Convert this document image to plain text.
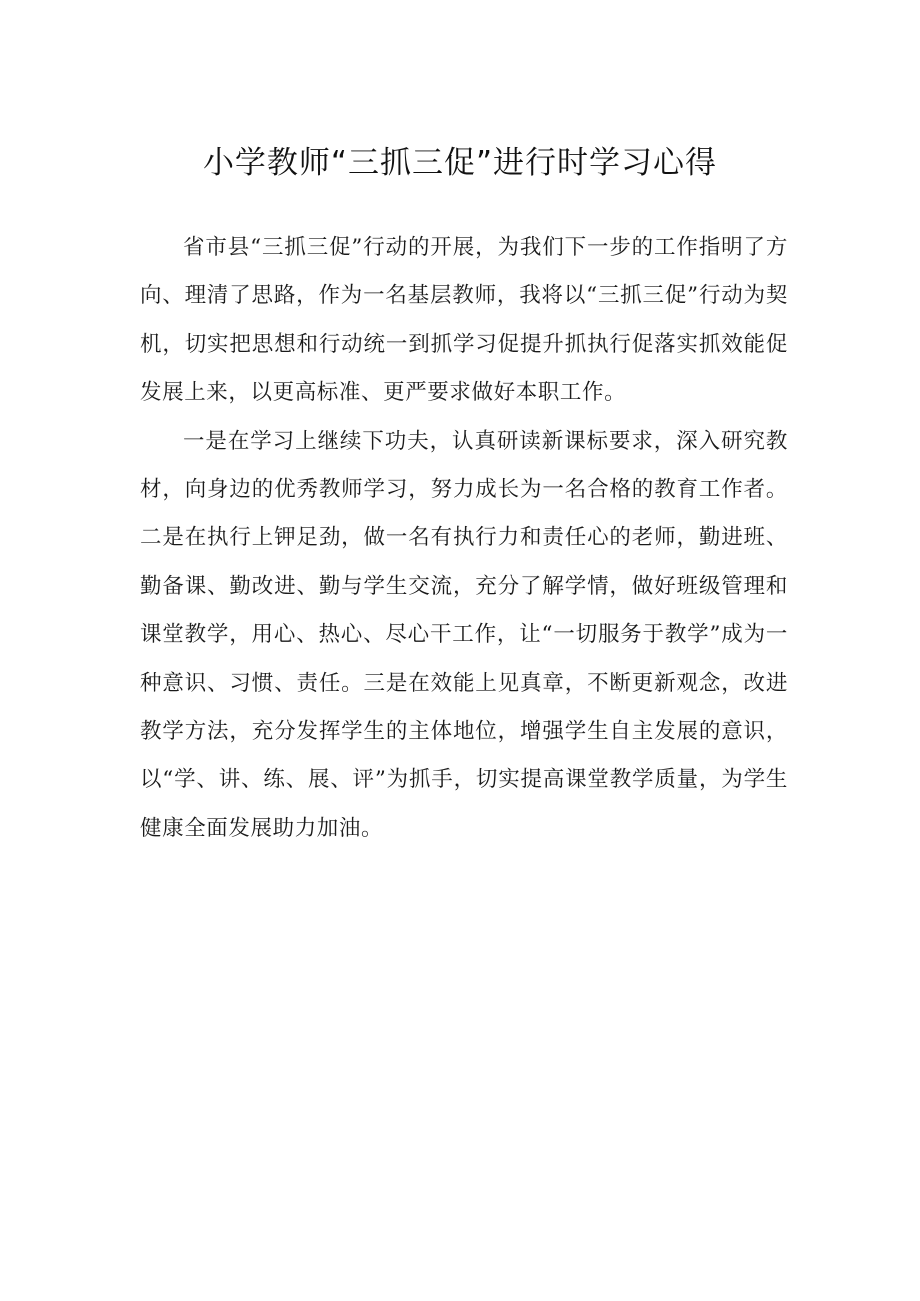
小学教师“三抓三促”进行时学习心得

省市县“三抓三促”行动的开展，为我们下一步的工作指明了方向、理清了思路，作为一名基层教师，我将以“三抓三促”行动为契机，切实把思想和行动统一到抓学习促提升抓执行促落实抓效能促发展上来，以更高标准、更严要求做好本职工作。

一是在学习上继续下功夫，认真研读新课标要求，深入研究教材，向身边的优秀教师学习，努力成长为一名合格的教育工作者。二是在执行上钾足劲，做一名有执行力和责任心的老师，勤进班、勤备课、勤改进、勤与学生交流，充分了解学情，做好班级管理和课堂教学，用心、热心、尽心干工作，让“一切服务于教学”成为一种意识、习惯、责任。三是在效能上见真章，不断更新观念，改进教学方法，充分发挥学生的主体地位，增强学生自主发展的意识，以“学、讲、练、展、评”为抓手，切实提高课堂教学质量，为学生健康全面发展助力加油。
